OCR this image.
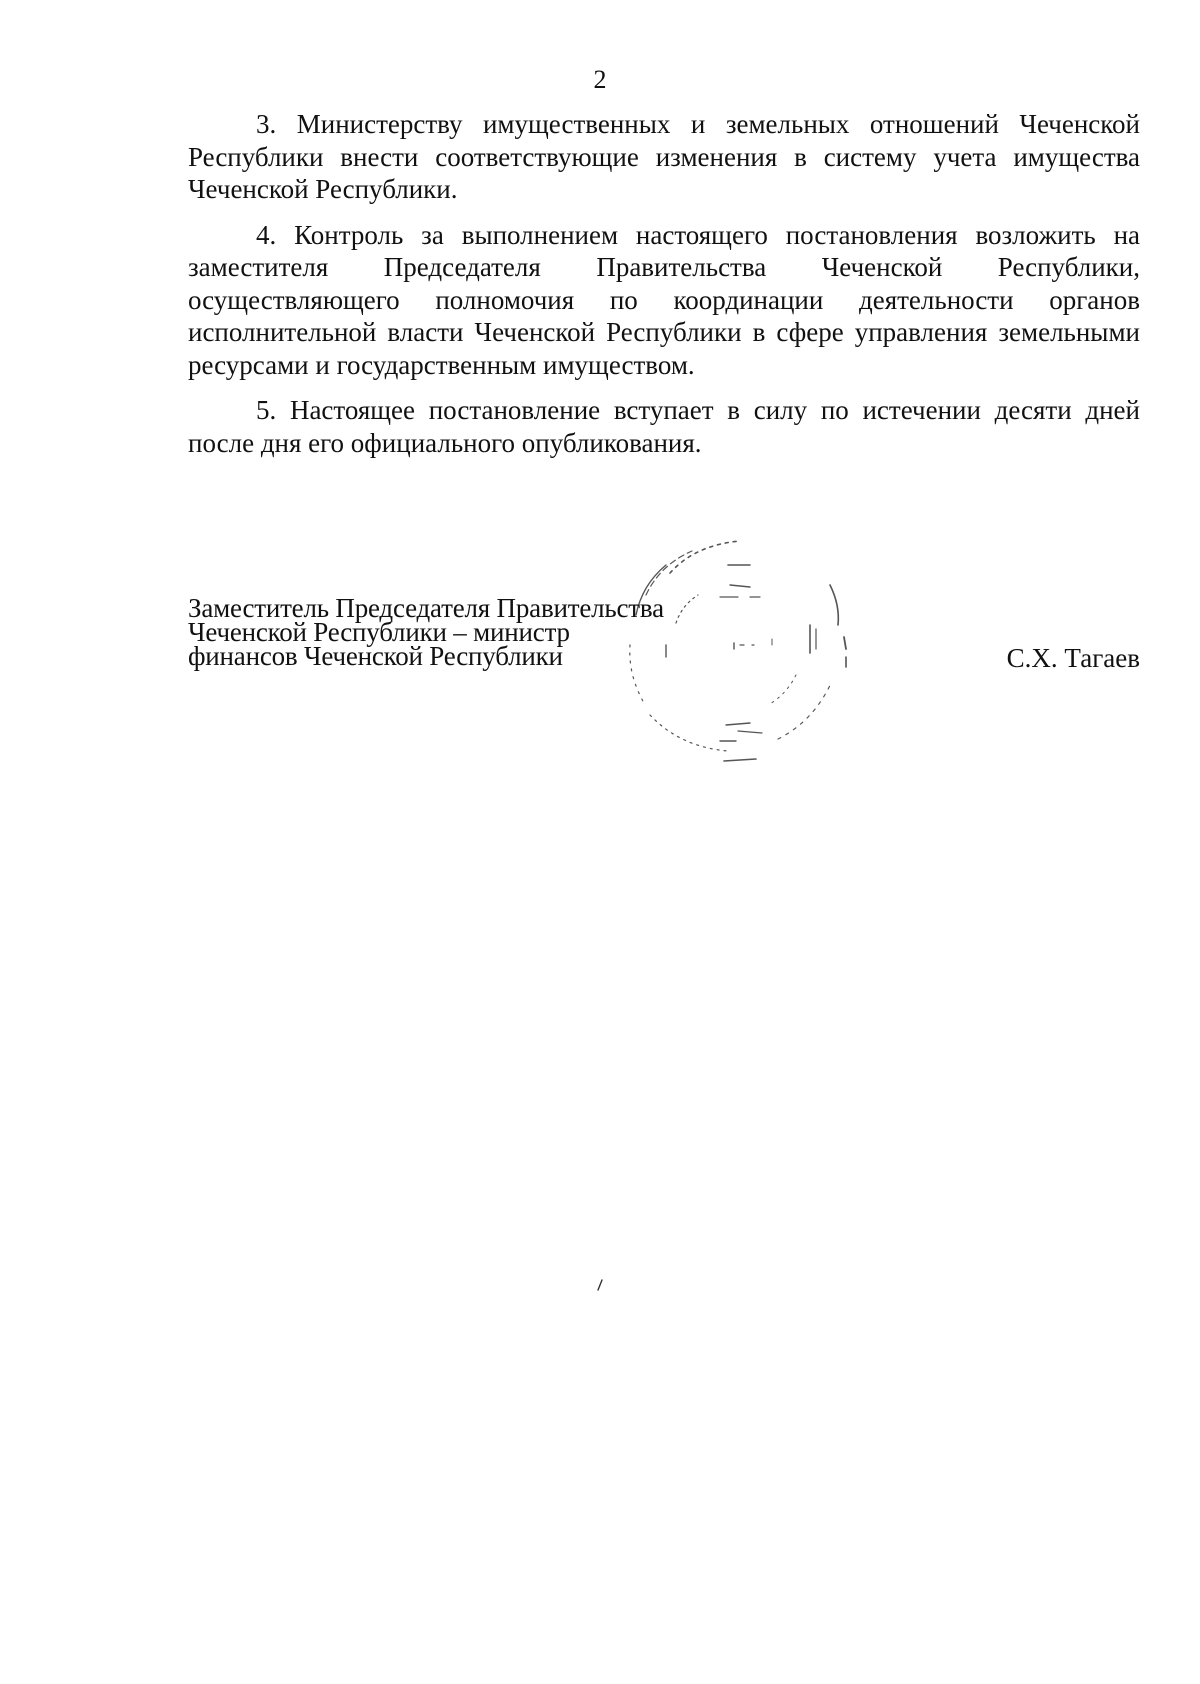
2

3. Министерству имущественных и земельных отношений Чеченской Республики внести соответствующие изменения в систему учета имущества Чеченской Республики.

4. Контроль за выполнением настоящего постановления возложить на заместителя Председателя Правительства Чеченской Республики, осуществляющего полномочия по координации деятельности органов исполнительной власти Чеченской Республики в сфере управления земельными ресурсами и государственным имуществом.

5. Настоящее постановление вступает в силу по истечении десяти дней после дня его официального опубликования.

Заместитель Председателя Правительства
Чеченской Республики – министр
финансов Чеченской Республики	С.Х. Тагаев
